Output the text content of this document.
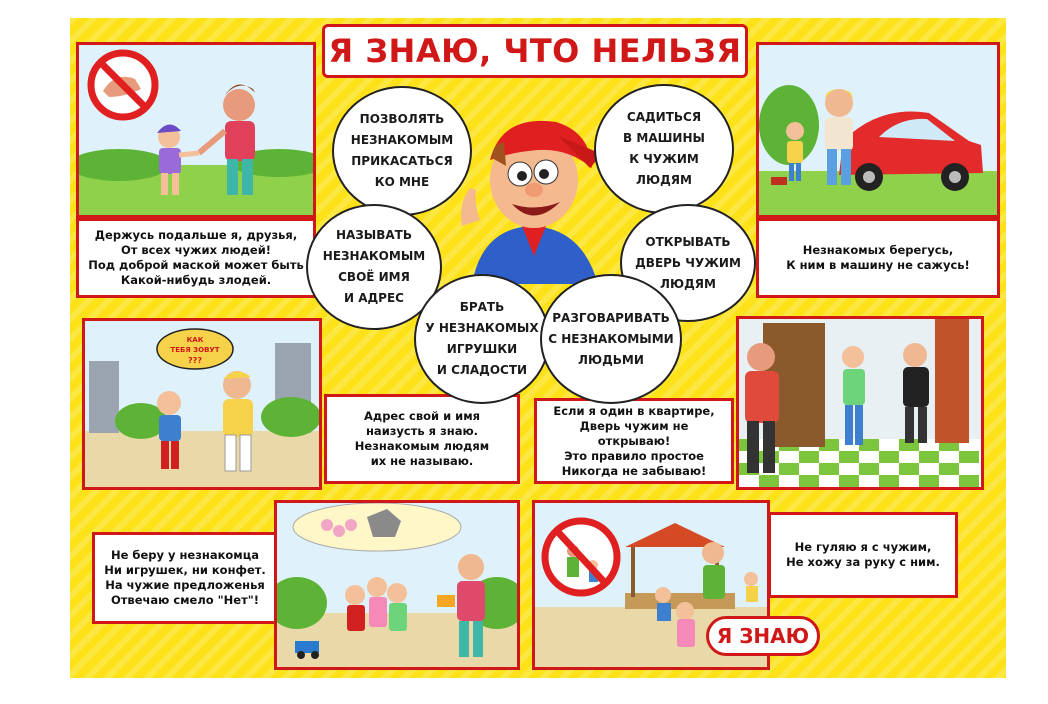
Я ЗНАЮ, ЧТО НЕЛЬЗЯ
Держусь подальше я, друзья,
От всех чужих людей!
Под доброй маской может быть
Какой-нибудь злодей.
Незнакомых берегусь,
К ним в машину не сажусь!
КАК
ТЕБЯ ЗОВУТ
???
Адрес свой и имя
наизусть я знаю.
Незнакомым людям
их не называю.
Если я один в квартире,
Дверь чужим не открываю!
Это правило простое
Никогда не забываю!
Не беру у незнакомца
Ни игрушек, ни конфет.
На чужие предложенья
Отвечаю смело "Нет"!
Не гуляю я с чужим,
Не хожу за руку с ним.
Я ЗНАЮ
ПОЗВОЛЯТЬ
НЕЗНАКОМЫМ
ПРИКАСАТЬСЯ
КО МНЕ
САДИТЬСЯ
В МАШИНЫ
К ЧУЖИМ
ЛЮДЯМ
НАЗЫВАТЬ
НЕЗНАКОМЫМ
СВОЁ ИМЯ
И АДРЕС
ОТКРЫВАТЬ
ДВЕРЬ ЧУЖИМ
ЛЮДЯМ
БРАТЬ
У НЕЗНАКОМЫХ
ИГРУШКИ
И СЛАДОСТИ
РАЗГОВАРИВАТЬ
С НЕЗНАКОМЫМИ
ЛЮДЬМИ
